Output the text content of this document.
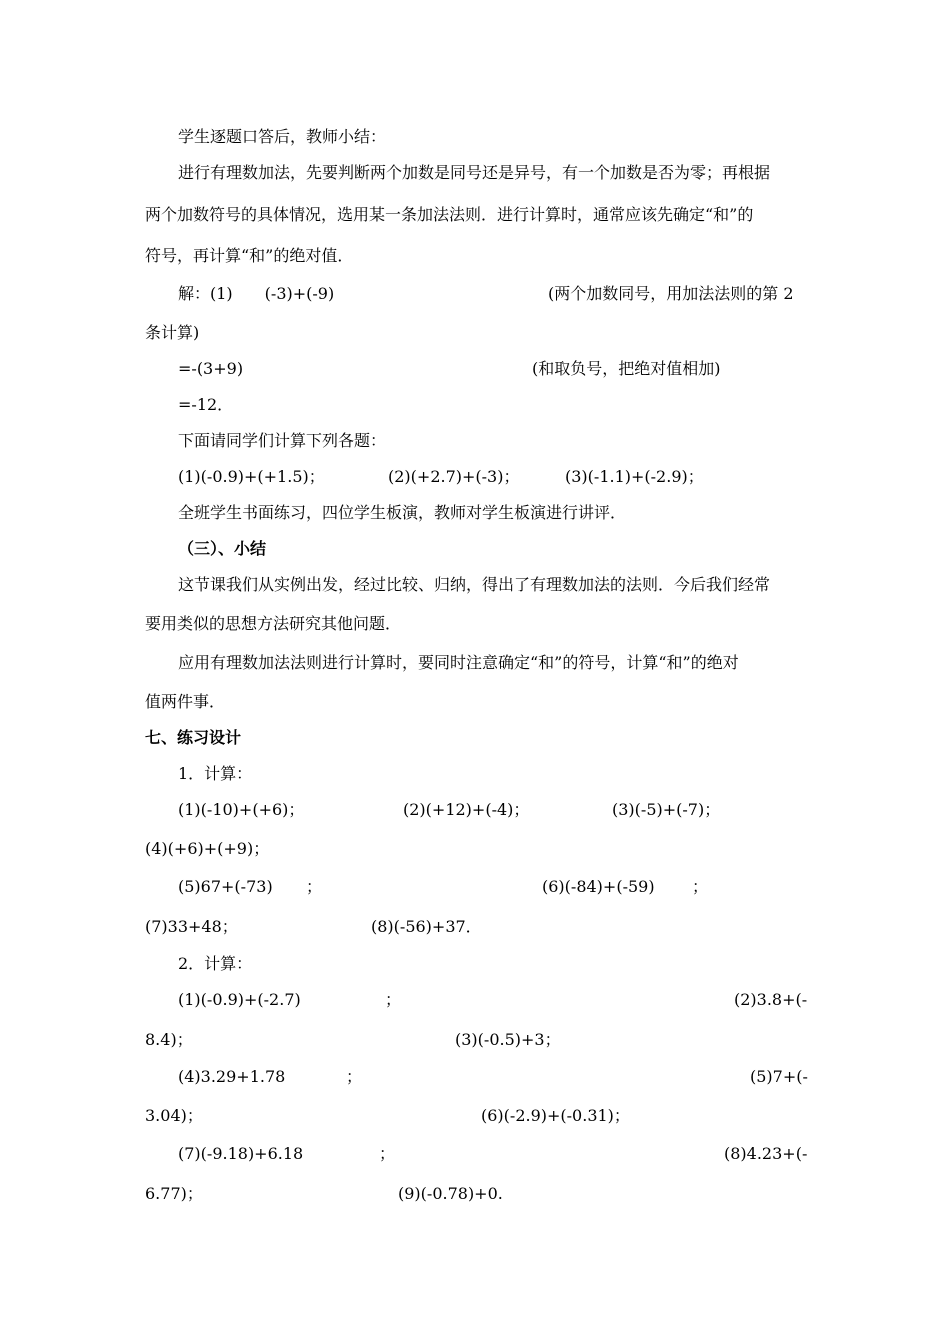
学生逐题口答后，教师小结：
进行有理数加法，先要判断两个加数是同号还是异号，有一个加数是否为零；再根据
两个加数符号的具体情况，选用某一条加法法则．进行计算时，通常应该先确定“和”的
符号，再计算“和”的绝对值．
解：(1)　　(-3)+(-9)	(两个加数同号，用加法法则的第 2
条计算)
=-(3+9)	(和取负号，把绝对值相加)
=-12．
下面请同学们计算下列各题：
(1)(-0.9)+(+1.5)；	(2)(+2.7)+(-3)；	(3)(-1.1)+(-2.9)；
全班学生书面练习，四位学生板演，教师对学生板演进行讲评．
（三）、小结
这节课我们从实例出发，经过比较、归纳，得出了有理数加法的法则．今后我们经常
要用类似的思想方法研究其他问题．
应用有理数加法法则进行计算时，要同时注意确定“和”的符号，计算“和”的绝对
值两件事．
七、练习设计
1．计算：
(1)(-10)+(+6)；	(2)(+12)+(-4)；	(3)(-5)+(-7)；
(4)(+6)+(+9)；
(5)67+(-73) ；	(6)(-84)+(-59) ；
(7)33+48；	(8)(-56)+37．
2．计算：
(1)(-0.9)+(-2.7)	；	(2)3.8+(-
8.4)；	(3)(-0.5)+3；
(4)3.29+1.78	；	(5)7+(-
3.04)；	(6)(-2.9)+(-0.31)；
(7)(-9.18)+6.18	；	(8)4.23+(-
6.77)；	(9)(-0.78)+0.
